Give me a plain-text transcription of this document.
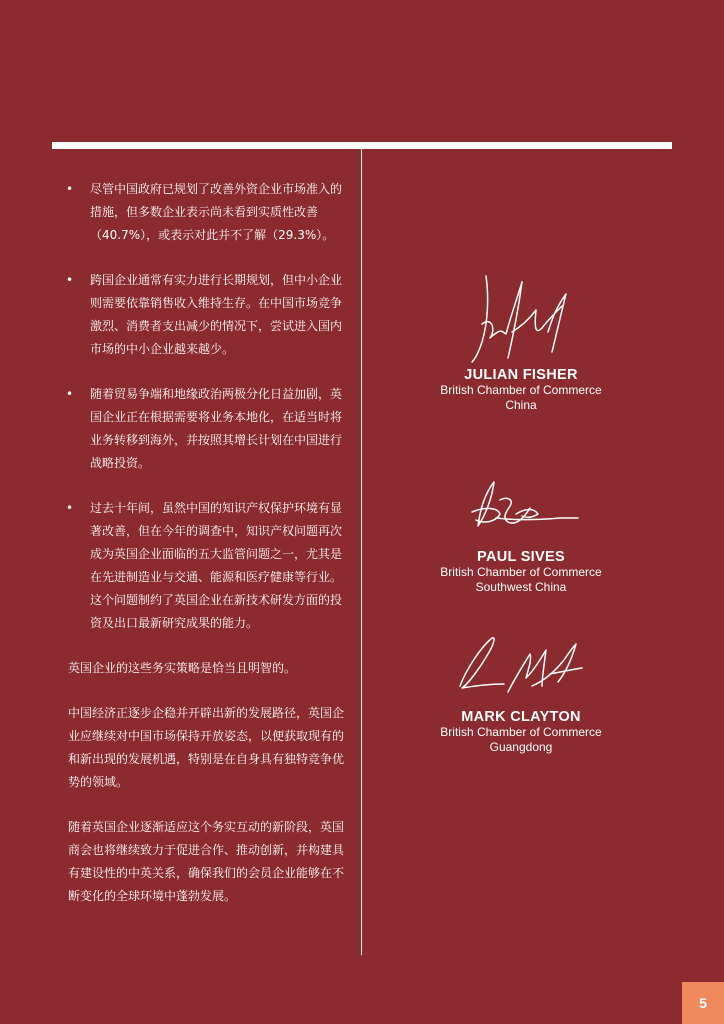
• 尽管中国政府已规划了改善外资企业市场准入的措施，但多数企业表示尚未看到实质性改善（40.7%），或表示对此并不了解（29.3%）。
• 跨国企业通常有实力进行长期规划，但中小企业则需要依靠销售收入维持生存。在中国市场竞争激烈、消费者支出减少的情况下，尝试进入国内市场的中小企业越来越少。
• 随着贸易争端和地缘政治两极分化日益加剧，英国企业正在根据需要将业务本地化，在适当时将业务转移到海外，并按照其增长计划在中国进行战略投资。
• 过去十年间，虽然中国的知识产权保护环境有显著改善，但在今年的调查中，知识产权问题再次成为英国企业面临的五大监管问题之一，尤其是在先进制造业与交通、能源和医疗健康等行业。这个问题制约了英国企业在新技术研发方面的投资及出口最新研究成果的能力。

英国企业的这些务实策略是恰当且明智的。

中国经济正逐步企稳并开辟出新的发展路径，英国企业应继续对中国市场保持开放姿态，以便获取现有的和新出现的发展机遇，特别是在自身具有独特竞争优势的领域。

随着英国企业逐渐适应这个务实互动的新阶段，英国商会也将继续致力于促进合作、推动创新，并构建具有建设性的中英关系，确保我们的会员企业能够在不断变化的全球环境中蓬勃发展。

JULIAN FISHER
British Chamber of Commerce
China
PAUL SIVES
British Chamber of Commerce
Southwest China
MARK CLAYTON
British Chamber of Commerce
Guangdong
5
